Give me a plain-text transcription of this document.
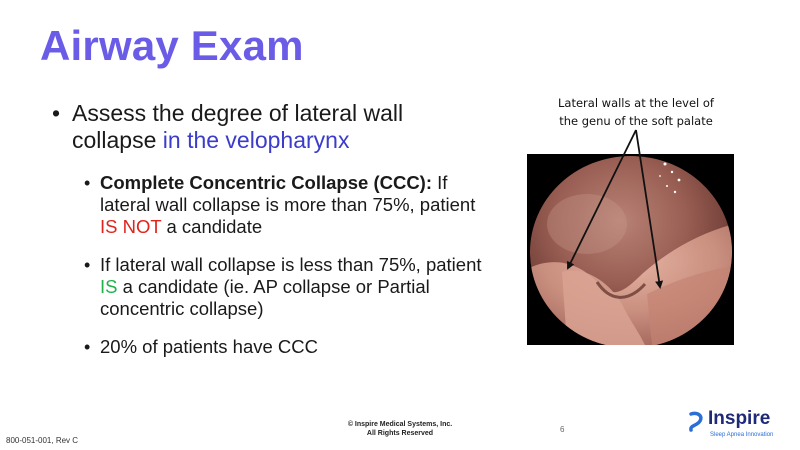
Airway Exam
• Assess the degree of lateral wall collapse in the velopharynx
• Complete Concentric Collapse (CCC): If lateral wall collapse is more than 75%, patient IS NOT a candidate
• If lateral wall collapse is less than 75%, patient IS a candidate (ie. AP collapse or Partial concentric collapse)
• 20% of patients have CCC
Lateral walls at the level of
the genu of the soft palate
800-051-001, Rev C
© Inspire Medical Systems, Inc.
All Rights Reserved	6
Inspire
Sleep Apnea Innovation
